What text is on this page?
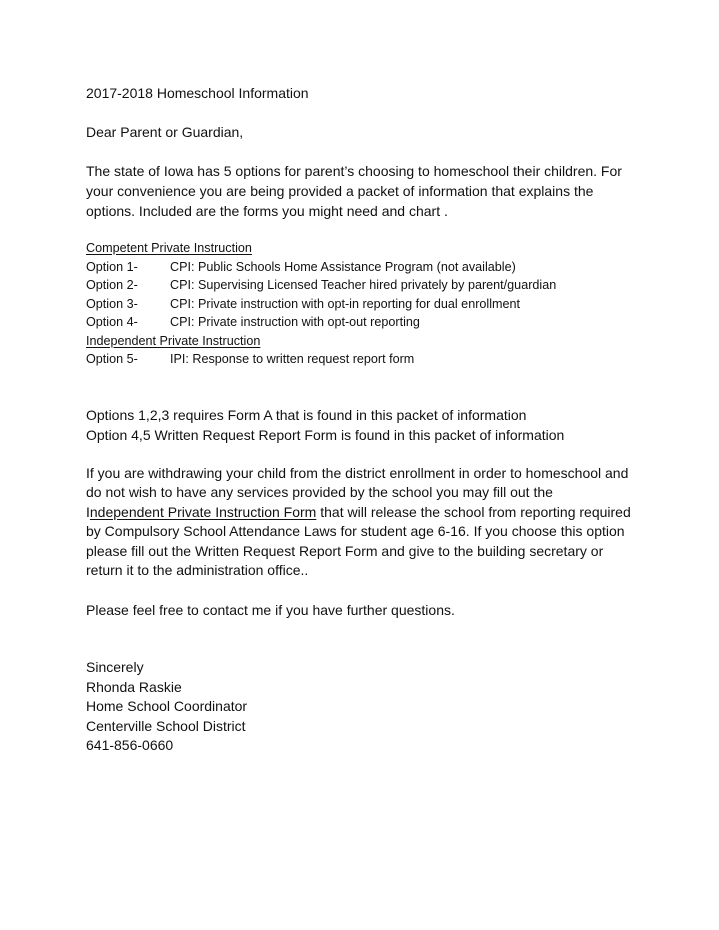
2017-2018 Homeschool Information

Dear Parent or Guardian,

The state of Iowa has 5 options for parent’s choosing to homeschool their children. For

your convenience you are being provided a packet of information that explains the

options. Included are the forms you might need and chart .

Competent Private Instruction

Option 1-	CPI: Public Schools Home Assistance Program (not available)
Option 2-	CPI: Supervising Licensed Teacher hired privately by parent/guardian
Option 3-	CPI: Private instruction with opt-in reporting for dual enrollment
Option 4-	CPI: Private instruction with opt-out reporting

Independent Private Instruction

Option 5-	IPI: Response to written request report form

Options 1,2,3 requires Form A that is found in this packet of information

Option 4,5 Written Request Report Form is found in this packet of information

If you are withdrawing your child from the district enrollment in order to homeschool and

do not wish to have any services provided by the school you may fill out the

Independent Private Instruction Form that will release the school from reporting required

by Compulsory School Attendance Laws for student age 6-16. If you choose this option

please fill out the Written Request Report Form and give to the building secretary or

return it to the administration office..

Please feel free to contact me if you have further questions.

Sincerely

Rhonda Raskie

Home School Coordinator

Centerville School District

641-856-0660
